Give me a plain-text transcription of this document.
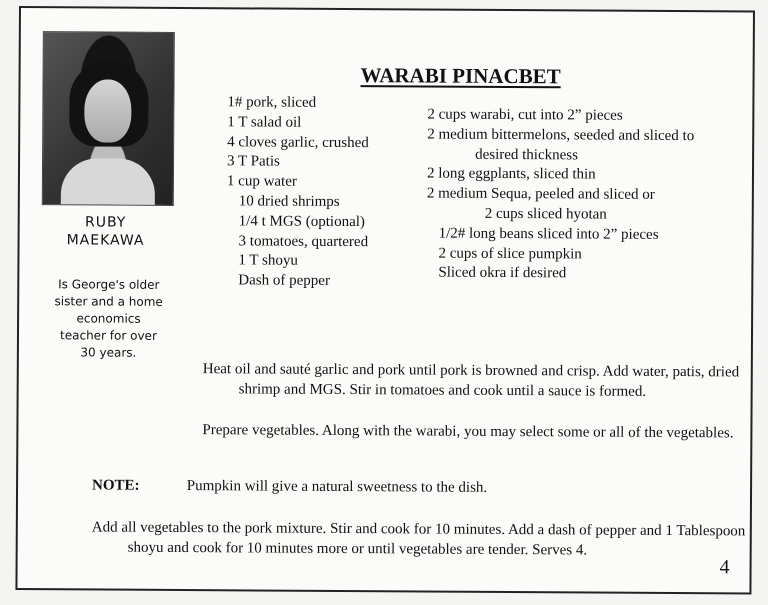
RUBY
MAEKAWA
Is George's older
sister and a home
economics
teacher for over
30 years.
WARABI PINACBET
1# pork, sliced
1 T salad oil
4 cloves garlic, crushed
3 T Patis
1 cup water
10 dried shrimps
1/4 t MGS (optional)
3 tomatoes, quartered
1 T shoyu
Dash of pepper
2 cups warabi, cut into 2” pieces
2 medium bittermelons, seeded and sliced to
desired thickness
2 long eggplants, sliced thin
2 medium Sequa, peeled and sliced or
2 cups sliced hyotan
1/2# long beans sliced into 2” pieces
2 cups of slice pumpkin
Sliced okra if desired

Heat oil and sauté garlic and pork until pork is browned and crisp. Add water, patis, dried shrimp and MGS. Stir in tomatoes and cook until a sauce is formed.

Prepare vegetables. Along with the warabi, you may select some or all of the vegetables.

NOTE:	Pumpkin will give a natural sweetness to the dish.

Add all vegetables to the pork mixture. Stir and cook for 10 minutes. Add a dash of pepper and 1 Tablespoon shoyu and cook for 10 minutes more or until vegetables are tender. Serves 4.

4
